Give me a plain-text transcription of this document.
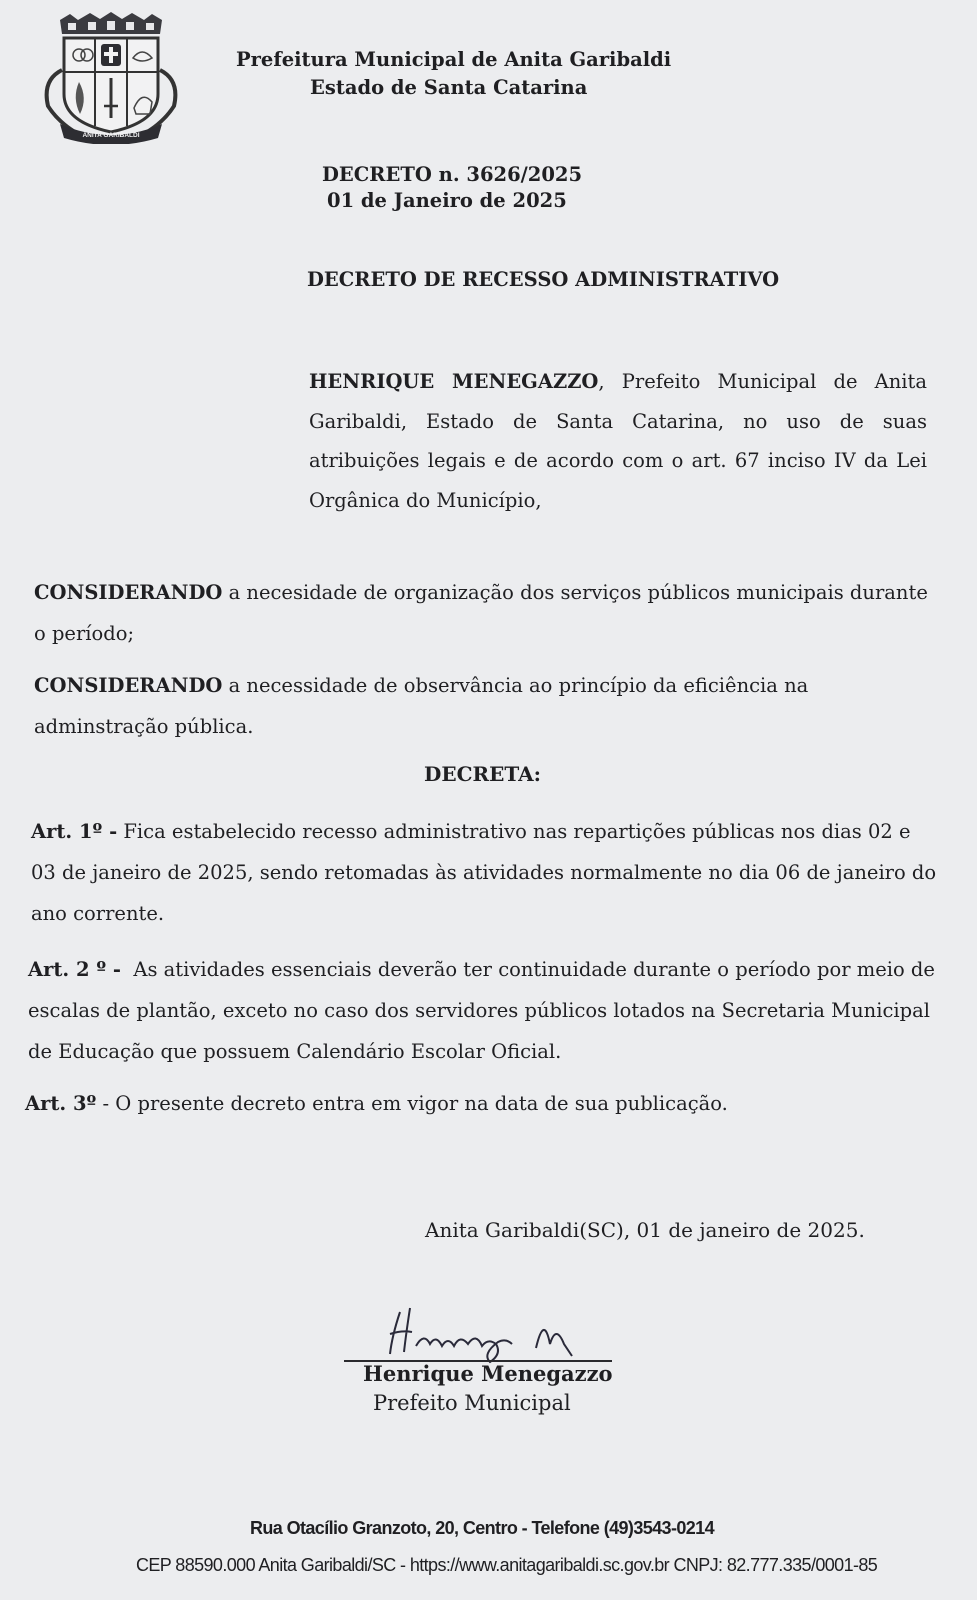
ANITA GARIBALDI
Prefeitura Municipal de Anita Garibaldi
Estado de Santa Catarina
DECRETO n. 3626/2025
01 de Janeiro de 2025
DECRETO DE RECESSO ADMINISTRATIVO
HENRIQUE MENEGAZZO, Prefeito Municipal de Anita Garibaldi, Estado de Santa Catarina, no uso de suas atribuições legais e de acordo com o art. 67 inciso IV da Lei Orgânica do Município,
CONSIDERANDO a necesidade de organização dos serviços públicos municipais durante o período;
CONSIDERANDO a necessidade de observância ao princípio da eficiência na adminstração pública.
DECRETA:
Art. 1º - Fica estabelecido recesso administrativo nas repartições públicas nos dias 02 e 03 de janeiro de 2025, sendo retomadas às atividades normalmente no dia 06 de janeiro do ano corrente.
Art. 2 º -  As atividades essenciais deverão ter continuidade durante o período por meio de escalas de plantão, exceto no caso dos servidores públicos lotados na Secretaria Municipal de Educação que possuem Calendário Escolar Oficial.
Art. 3º - O presente decreto entra em vigor na data de sua publicação.
Anita Garibaldi(SC), 01 de janeiro de 2025.
Henrique Menegazzo
Prefeito Municipal
Rua Otacílio Granzoto, 20, Centro - Telefone (49)3543-0214
CEP 88590.000 Anita Garibaldi/SC - https://www.anitagaribaldi.sc.gov.br CNPJ: 82.777.335/0001-85
